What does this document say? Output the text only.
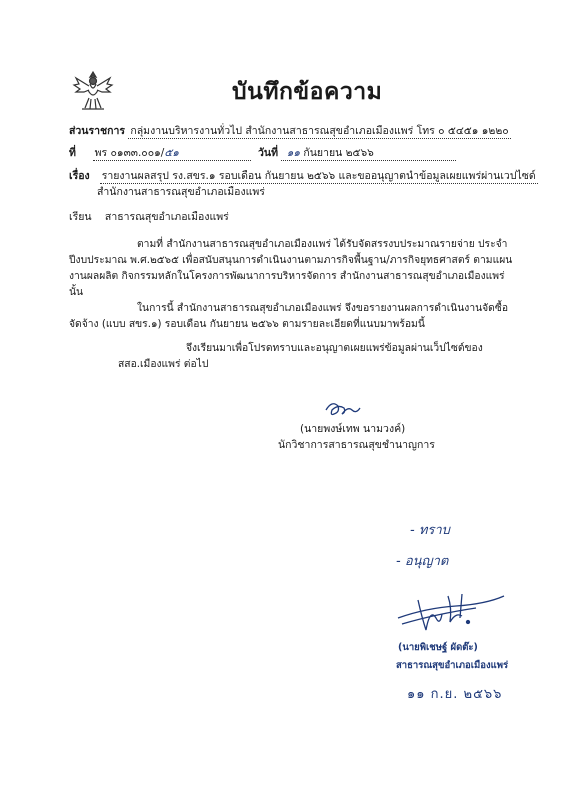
บันทึกข้อความ
ส่วนราชการ กลุ่มงานบริหารงานทั่วไป สำนักงานสาธารณสุขอำเภอเมืองแพร่ โทร ๐ ๕๔๕๑ ๑๒๒๐
ที่ พร ๐๑๓๓.๐๐๑/๕๑	วันที่ ๑๑ กันยายน ๒๕๖๖
เรื่อง รายงานผลสรุป รง.สขร.๑ รอบเดือน กันยายน ๒๕๖๖ และขออนุญาตนำข้อมูลเผยแพร่ผ่านเวปไซด์
สำนักงานสาธารณสุขอำเภอเมืองแพร่
เรียน สาธารณสุขอำเภอเมืองแพร่
ตามที่ สำนักงานสาธารณสุขอำเภอเมืองแพร่ ได้รับจัดสรรงบประมาณรายจ่าย ประจำปีงบประมาณ พ.ศ.๒๕๖๕ เพื่อสนับสนุนการดำเนินงานตามภารกิจพื้นฐาน/ภารกิจยุทธศาสตร์ ตามแผนงานผลผลิต กิจกรรมหลักในโครงการพัฒนาการบริหารจัดการ สำนักงานสาธารณสุขอำเภอเมืองแพร่ นั้น
ในการนี้ สำนักงานสาธารณสุขอำเภอเมืองแพร่ จึงขอรายงานผลการดำเนินงานจัดซื้อจัดจ้าง (แบบ สขร.๑) รอบเดือน กันยายน ๒๕๖๖ ตามรายละเอียดที่แนบมาพร้อมนี้
จึงเรียนมาเพื่อโปรดทราบและอนุญาตเผยแพร่ข้อมูลผ่านเว็ปไซต์ของ สสอ.เมืองแพร่ ต่อไป
(นายพงษ์เทพ นามวงค์)
นักวิชาการสาธารณสุขชำนาญการ
- ทราบ
- อนุญาต
(นายพิเชษฐ์ ผัดต๊ะ)
สาธารณสุขอำเภอเมืองแพร่
๑๑ ก.ย. ๒๕๖๖
